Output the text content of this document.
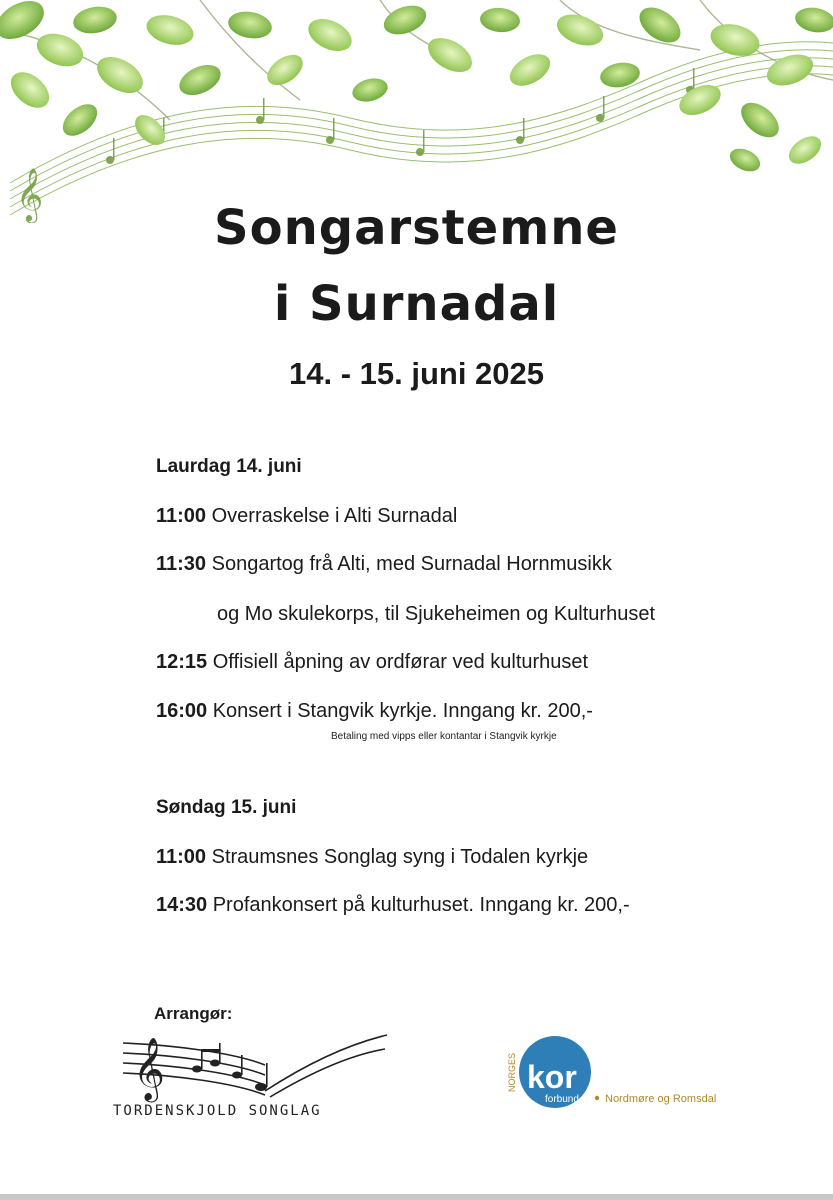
𝄞
Songarstemne
i Surnadal
14. - 15. juni 2025
Laurdag 14. juni
11:00 Overraskelse i Alti Surnadal
11:30 Songartog frå Alti, med Surnadal Hornmusikk
og Mo skulekorps, til Sjukeheimen og Kulturhuset
12:15 Offisiell åpning av ordførar ved kulturhuset
16:00 Konsert i Stangvik kyrkje. Inngang kr. 200,-
Betaling med vipps eller kontantar i Stangvik kyrkje
Søndag 15. juni
11:00 Straumsnes Songlag syng i Todalen kyrkje
14:30 Profankonsert på kulturhuset. Inngang kr. 200,-
Arrangør:
𝄞
TORDENSKJOLD SONGLAG
NORGES kor
forbund Nordmøre og Romsdal
